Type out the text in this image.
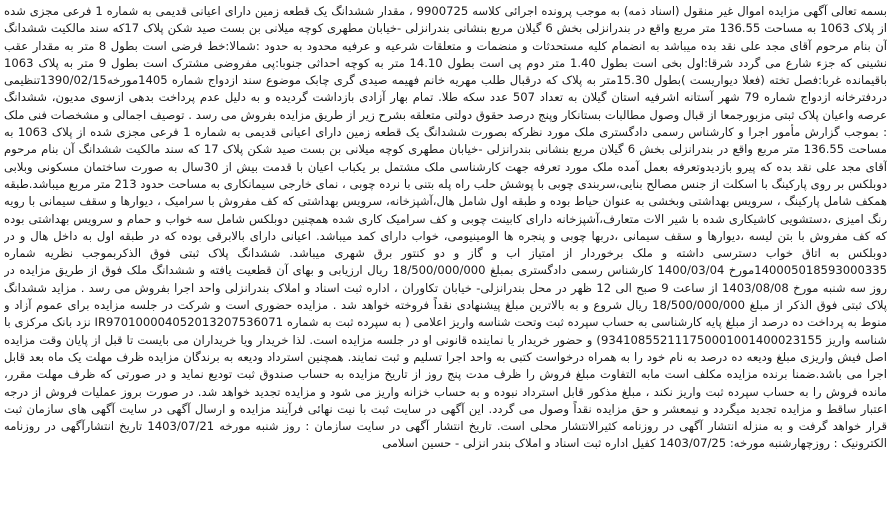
بسمه تعالی آگهی مزایده اموال غیر منقول (اسناد ذمه) به موجب پرونده اجرائی کلاسه 9900725 ، مقدار ششدانگ یک قطعه زمین دارای اعیانی قدیمی به شماره 1 فرعی مجزی شده از پلاک 1063 به مساحت 136.55 متر مربع واقع در بندرانزلی بخش 6 گیلان مربع بنشانی بندرانزلی -خیابان مطهری کوچه میلانی بن بست صید شکن پلاک 17که سند مالکیت ششدانگ آن بنام مرحوم آقای مجد علی نقد بده میباشد به انضمام کلیه مستحدثات و منضمات و متعلقات شرعیه و عرفیه محدود به حدود :شمالا:خط فرضی است بطول 8 متر به مقدار عقب نشینی که جزء شارع می گردد شرقا:اول بخی است بطول 1.40 متر دوم پی است بطول 14.10 متر به کوچه احداثی جنوبا:پی مفروضی مشترک است بطول 9 متر به پلاک 1063 باقیمانده غربا:فصل تخته (فعلا دیواریست )بطول 15.30متر به پلاک که درقبال طلب مهریه خانم فهیمه صیدی گری چابک موضوع سند ازدواج شماره 1405مورخه1390/02/15تنظیمی دردفترخانه ازدواج شماره 79 شهر آستانه اشرفیه استان گیلان به تعداد 507 عدد سکه طلا. تمام بهار آزادی بازداشت گردیده و به دلیل عدم پرداخت بدهی ازسوی مدیون، ششدانگ عرصه واعیان پلاک ثبتی مزبورجمعا از قبال وصول مطالبات بستانکار وپنج درصد حقوق دولتی متعلقه بشرح زیر از طریق مزایده بفروش می رسد . توصیف اجمالی و مشخصات فنی ملک : بموجب گزارش مأمور اجرا و کارشناس رسمی دادگستری ملک مورد نظرکه بصورت ششدانگ یک قطعه زمین دارای اعیانی قدیمی به شماره 1 فرعی مجزی شده از پلاک 1063 به مساحت 136.55 متر مربع واقع در بندرانزلی بخش 6 گیلان مربع بنشانی بندرانزلی -خیابان مطهری کوچه میلانی بن بست صید شکن پلاک 17 که سند مالکیت ششدانگ آن بنام مرحوم آقای مجد علی نقد بده که پیرو بازدیدوتعرفه بعمل آمده ملک مورد تعرفه جهت کارشناسی ملک مشتمل بر یکباب اعیان با قدمت بیش از 30سال به صورت ساختمان مسکونی وبلابی دوبلکس بر روی پارکینگ با اسکلت از جنس مصالح بنایی،سربندی چوبی با پوشش حلب راه پله بتنی با نرده چوبی ، نمای خارجی سیمانکاری به مساحت حدود 213 متر مربع میباشد.طبقه همکف شامل پارکینگ ، سرویس بهداشتی وبخشی به عنوان حیاط بوده و طبقه اول شامل هال،آشپزخانه، سرویس بهداشتی که کف مفروش با سرامیک ، دیوارها و سقف سیمانی با رویه رنگ امیزی ،دستشویی کاشیکاری شده با شیر الات متعارف،آشپزخانه دارای کابینت چوبی و کف سرامیک کاری شده همچنین دوبلکس شامل سه خواب و حمام و سرویس بهداشتی بوده که کف مفروش با بتن لیسه ،دیوارها و سقف سیمانی ،دربها چوبی و پنجره ها الومینیومی، خواب دارای کمد میباشد. اعیانی دارای بالابرقی بوده که در طبقه اول به داخل هال و در دوبلکس به اتاق خواب دسترسی داشته و ملک برخوردار از امتیاز اب و گاز و دو کنتور برق شهری میباشد. ششدانگ پلاک ثبتی فوق الذکربموجب نظریه شماره 140005018593000335مورخ 1400/03/04 کارشناس رسمی دادگستری بمبلغ 18/500/000/000 ریال ارزیابی و بهای آن قطعیت یافته و ششدانگ ملک فوق از طریق مزایده در روز سه شنبه مورخ 1403/08/08 از ساعت 9 صبح الی 12 ظهر در محل بندرانزلی- خیابان تکاوران ، اداره ثبت اسناد و املاک بندرانزلی واحد اجرا بفروش می رسد . مزاید ششدانگ پلاک ثبتی فوق الذکر از مبلغ 18/500/000/000 ریال شروع و به بالاترین مبلغ پیشنهادی نقداً فروخته خواهد شد . مزایده حضوری است و شرکت در جلسه مزایده برای عموم آزاد و منوط به پرداخت ده درصد از مبلغ پایه کارشناسی به حساب سپرده ثبت وتحت شناسه واریز اعلامی ( به سپرده ثبت به شماره IR970100004052013207536071 نزد بانک مرکزی با شناسه واریز 934108552111750001001400023155) و حضور خریدار یا نماینده قانونی او در جلسه مزایده است. لذا خریدار ویا خریداران می بایست تا قبل از پایان وقت مزایده اصل فیش واریزی مبلغ ودیعه ده درصد به نام خود را به همراه درخواست کتبی به واحد اجرا تسلیم و ثبت نمایند. همچنین استرداد ودیعه به برندگان مزایده ظرف مهلت یک ماه بعد قابل اجرا می باشد.ضمنا برنده مزایده مکلف است مابه التفاوت مبلغ فروش را ظرف مدت پنج روز از تاریخ مزایده به حساب صندوق ثبت تودیع نماید و در صورتی که ظرف مهلت مقرر، مانده فروش را به حساب سپرده ثبت واریز نکند ، مبلغ مذکور قابل استرداد نبوده و به حساب خزانه واریز می شود و مزایده تجدید خواهد شد. در صورت بروز عملیات فروش از درجه اعتبار ساقط و مزایده تجدید میگردد و نیمعشر و حق مزایده نقداً وصول می گردد. این آگهی در سایت ثبت با نیت نهائی فرآیند مزایده و ارسال آگهی در سایت آگهی های سازمان ثبت قرار خواهد گرفت و به منزله انتشار آگهی در روزنامه کثیرالانتشار محلی است. تاریخ انتشار آگهی در سایت سازمان : روز شنبه مورخه 1403/07/21 تاریخ انتشارآگهی در روزنامه الکترونیک : روزچهارشنبه مورخه: 1403/07/25 کفیل اداره ثبت اسناد و املاک بندر انزلی - حسین اسلامی
